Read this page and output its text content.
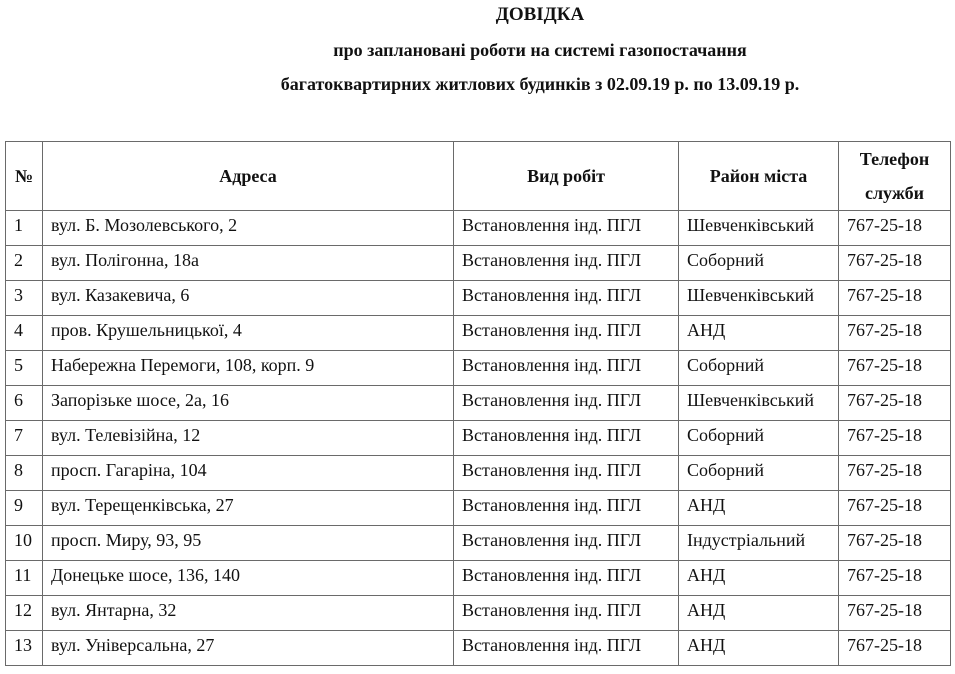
ДОВІДКА
про заплановані роботи на системі газопостачання
багатоквартирних житлових будинків з 02.09.19 р. по 13.09.19 р.
№	Адреса	Вид робіт	Район міста	Телефон
служби

1	вул. Б. Мозолевського, 2	Встановлення інд. ПГЛ	Шевченківський	767-25-18
2	вул. Полігонна, 18а	Встановлення інд. ПГЛ	Соборний	767-25-18
3	вул. Казакевича, 6	Встановлення інд. ПГЛ	Шевченківський	767-25-18
4	пров. Крушельницької, 4	Встановлення інд. ПГЛ	АНД	767-25-18
5	Набережна Перемоги, 108, корп. 9	Встановлення інд. ПГЛ	Соборний	767-25-18
6	Запорізьке шосе, 2а, 16	Встановлення інд. ПГЛ	Шевченківський	767-25-18
7	вул. Телевізійна, 12	Встановлення інд. ПГЛ	Соборний	767-25-18
8	просп. Гагаріна, 104	Встановлення інд. ПГЛ	Соборний	767-25-18
9	вул. Терещенківська, 27	Встановлення інд. ПГЛ	АНД	767-25-18
10	просп. Миру, 93, 95	Встановлення інд. ПГЛ	Індустріальний	767-25-18
11	Донецьке шосе, 136, 140	Встановлення інд. ПГЛ	АНД	767-25-18
12	вул. Янтарна, 32	Встановлення інд. ПГЛ	АНД	767-25-18
13	вул. Універсальна, 27	Встановлення інд. ПГЛ	АНД	767-25-18
